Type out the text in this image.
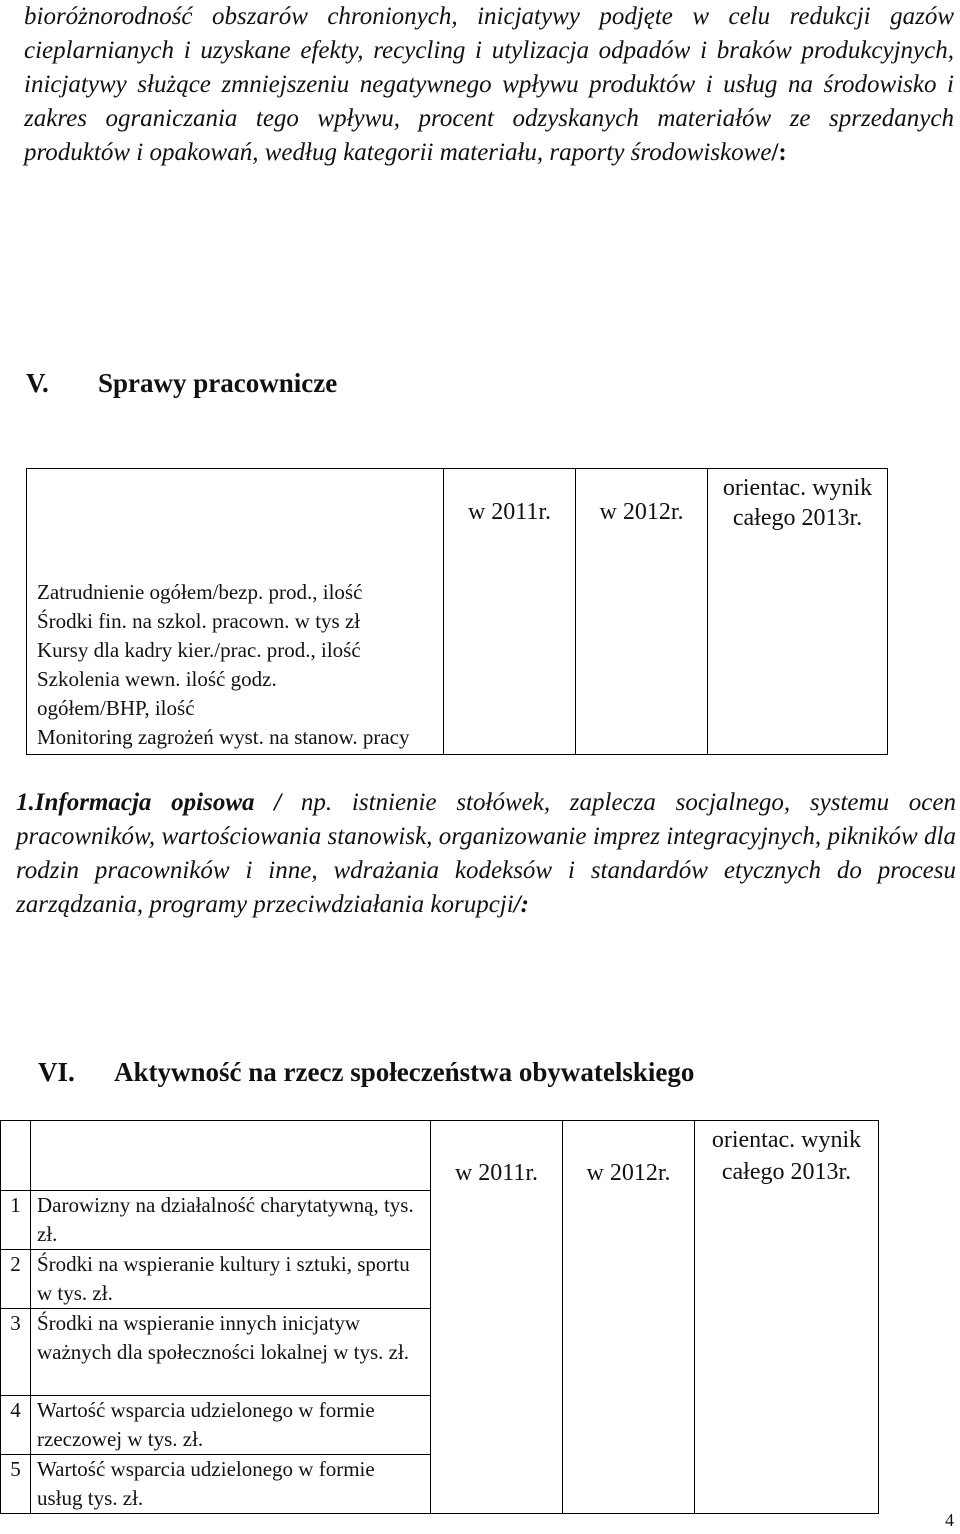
bioróżnorodność obszarów chronionych, inicjatywy podjęte w celu redukcji gazów cieplarnianych i uzyskane efekty, recycling i utylizacja odpadów i braków produkcyjnych, inicjatywy służące zmniejszeniu negatywnego wpływu produktów i usług na środowisko i zakres ograniczania tego wpływu, procent odzyskanych materiałów ze sprzedanych produktów i opakowań, według kategorii materiału, raporty środowiskowe/:
V. Sprawy pracownicze
Zatrudnienie ogółem/bezp. prod., ilość
Środki fin. na szkol. pracown. w tys zł
Kursy dla kadry kier./prac. prod., ilość
Szkolenia wewn. ilość godz. ogółem/BHP, ilość
Monitoring zagrożeń wyst. na stanow. pracy
	w 2011r.	w 2012r.	orientac. wynik całego 2013r.
1.Informacja opisowa / np. istnienie stołówek, zaplecza socjalnego, systemu ocen pracowników, wartościowania stanowisk, organizowanie imprez integracyjnych, pikników dla rodzin pracowników i inne, wdrażania kodeksów i standardów etycznych do procesu zarządzania, programy przeciwdziałania korupcji/:
VI. Aktywność na rzecz społeczeństwa obywatelskiego
		w 2011r.	w 2012r.	orientac. wynik całego 2013r.
1	Darowizny na działalność charytatywną, tys. zł.			
2	Środki na wspieranie kultury i sztuki, sportu w tys. zł.			
3	Środki na wspieranie innych inicjatyw ważnych dla społeczności lokalnej w tys. zł.			
4	Wartość wsparcia udzielonego w formie rzeczowej w tys. zł.			
5	Wartość wsparcia udzielonego w formie usług tys. zł.			
4
